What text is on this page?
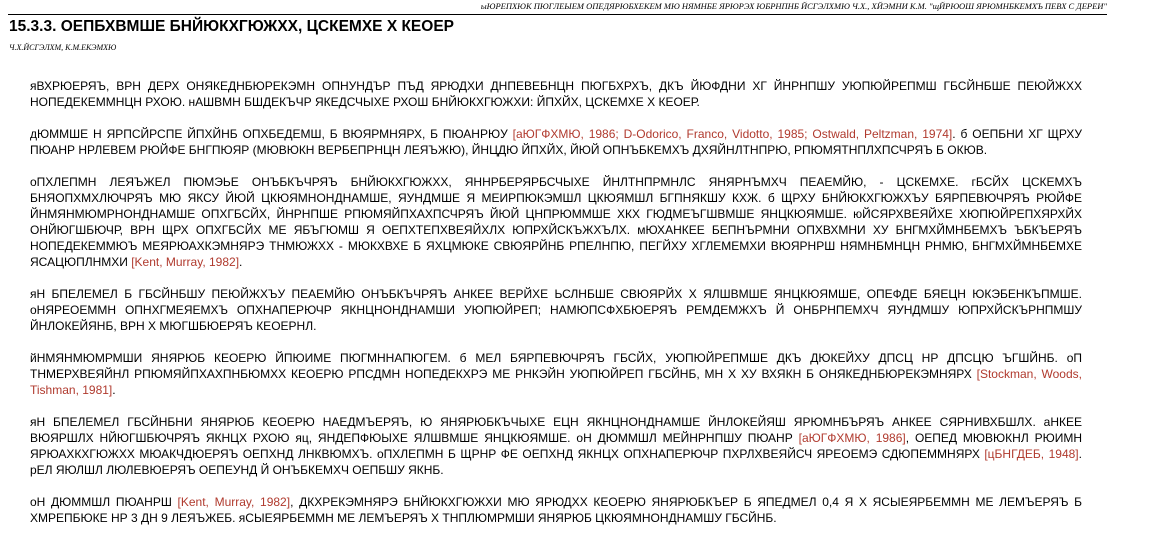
ыЮРЕПХЮК ПЮГЛЕЫЕМ ОПЕДЯРЮБХЕКЕМ МЮ НЯМНБЕ ЯРЮРЭХ ЮБРНПНБ ЙСГЭЛХМЮ Ч.Х., ХЙЭМНИ К.М. "щЙРЮОШ ЯРЮМНБКЕМХЪ ПЕВХ С ДЕРЕИ"
15.3.3. ОЕПБХВМШЕ БНЙЮКХГЮЖХХ, ЦСКЕМХЕ Х КЕОЕР
Ч.Х.ЙСГЭЛХМ, К.М.ЕКЭМХЮ

яВХРЮЕРЯЪ, ВРН ДЕРХ ОНЯКЕДНБЮРЕКЭМН ОПНУНДЪР ПЪД ЯРЮДХИ ДНПЕВЕБНЦН ПЮГБХРХЪ, ДКЪ ЙЮФДНИ ХГ ЙНРНПШУ УЮПЮЙРЕПМШ ГБСЙНБШЕ ПЕЮЙЖХХ НОПЕДЕКЕММНЦН РХОЮ. нАШВМН БШДЕКЪЧР ЯКЕДСЧЫХЕ РХОШ БНЙЮКХГЮЖХИ: ЙПХЙХ, ЦСКЕМХЕ Х КЕОЕР.

дЮММШЕ Н ЯРПСЙРСПЕ ЙПХЙНБ ОПХБЕДЕМШ, Б ВЮЯРМНЯРХ, Б ПЮАНРЮУ [аЮГФХМЮ, 1986; D-Odorico, Franco, Vidotto, 1985; Ostwald, Peltzman, 1974]. б ОЕПБНИ ХГ ЩРХУ ПЮАНР НРЛЕВЕМ РЮЙФЕ БНГПЮЯР (МЮВЮКН ВЕРБЕПРНЦН ЛЕЯЪЖЮ), ЙНЦДЮ ЙПХЙХ, ЙЮЙ ОПНЪБКЕМХЪ ДХЯЙНЛТНПРЮ, РПЮМЯТНПЛХПСЧРЯЪ Б ОКЮВ.

оПХЛЕПМН ЛЕЯЪЖЕЛ ПЮМЭЬЕ ОНЪБКЪЧРЯЪ БНЙЮКХГЮЖХХ, ЯННРБЕРЯРБСЧЫХЕ ЙНЛТНПРМНЛС ЯНЯРНЪМХЧ ПЕАЕМЙЮ, - ЦСКЕМХЕ. гБСЙХ ЦСКЕМХЪ БНЯОПХМХЛЮЧРЯЪ МЮ ЯКСУ ЙЮЙ ЦКЮЯМНОНДНАМШЕ, ЯУНДМШЕ Я МЕИРПЮКЭМШЛ ЦКЮЯМШЛ БГПНЯКШУ КХЖ. б ЩРХУ БНЙЮКХГЮЖХЪУ БЯРПЕВЮЧРЯЪ РЮЙФЕ ЙНМЯНМЮМРНОНДНАМШЕ ОПХГБСЙХ, ЙНРНПШЕ РПЮМЯЙПХАХПСЧРЯЪ ЙЮЙ ЦНПРЮММШЕ ХКХ ГЮДМЕЪГШВМШЕ ЯНЦКЮЯМШЕ. юЙСЯРХВЕЯЙХЕ ХЮПЮЙРЕПХЯРХЙХ ОНЙЮГШБЮЧР, ВРН ЩРХ ОПХГБСЙХ МЕ ЯБЪГЮМШ Я ОЕПХТЕПХВЕЯЙХЛХ ЮПРХЙСКЪЖХЪЛХ. мЮХАНКЕЕ БЕПНЪРМНИ ОПХВХМНИ ХУ БНГМХЙМНБЕМХЪ ЪБКЪЕРЯЪ НОПЕДЕКЕММЮЪ МЕЯРЮАХКЭМНЯРЭ ТНМЮЖХХ - МЮКХВХЕ Б ЯХЦМЮКЕ СВЮЯРЙНБ РПЕЛНПЮ, ПЕГЙХУ ХГЛЕМЕМХИ ВЮЯРНРШ НЯМНБМНЦН РНМЮ, БНГМХЙМНБЕМХЕ ЯСАЦЮПЛНМХИ [Kent, Murray, 1982].

яН БПЕЛЕМЕЛ Б ГБСЙНБШУ ПЕЮЙЖХЪУ ПЕАЕМЙЮ ОНЪБКЪЧРЯЪ АНКЕЕ ВЕРЙХЕ ЬСЛНБШЕ СВЮЯРЙХ Х ЯЛШВМШЕ ЯНЦКЮЯМШЕ, ОПЕФДЕ БЯЕЦН ЮКЭБЕНКЪПМШЕ. оНЯРЕОЕММН ОПНХГМЕЯЕМХЪ ОПХНАПЕРЮЧР ЯКНЦНОНДНАМШИ УЮПЮЙРЕП; НАМЮПСФХБЮЕРЯЪ РЕМДЕМЖХЪ Й ОНБРНПЕМХЧ ЯУНДМШУ ЮПРХЙСКЪРНПМШУ ЙНЛОКЕЙЯНБ, ВРН Х МЮГШБЮЕРЯЪ КЕОЕРНЛ.

йНМЯНМЮМРМШИ ЯНЯРЮБ КЕОЕРЮ ЙПЮИМЕ ПЮГМННАПЮГЕМ. б МЕЛ БЯРПЕВЮЧРЯЪ ГБСЙХ, УЮПЮЙРЕПМШЕ ДКЪ ДЮКЕЙХУ ДПСЦ НР ДПСЦЮ ЪГШЙНБ. оП ТНМЕРХВЕЯЙНЛ РПЮМЯЙПХАХПНБЮМХХ КЕОЕРЮ РПСДМН НОПЕДЕКХРЭ МЕ РНКЭЙН УЮПЮЙРЕП ГБСЙНБ, МН Х ХУ ВХЯКН Б ОНЯКЕДНБЮРЕКЭМНЯРХ [Stockman, Woods, Tishman, 1981].

яН БПЕЛЕМЕЛ ГБСЙНБНИ ЯНЯРЮБ КЕОЕРЮ НАЕДМЪЕРЯЪ, Ю ЯНЯРЮБКЪЧЫХЕ ЕЦН ЯКНЦНОНДНАМШЕ ЙНЛОКЕЙЯШ ЯРЮМНБЪРЯЪ АНКЕЕ СЯРНИВХБШЛХ. аНКЕЕ ВЮЯРШЛХ НЙЮГШБЮЧРЯЪ ЯКНЦХ РХОЮ яц, ЯНДЕПФЮЫХЕ ЯЛШВМШЕ ЯНЦКЮЯМШЕ. оН ДЮММШЛ МЕЙНРНПШУ ПЮАНР [аЮГФХМЮ, 1986], ОЕПЕД МЮВЮКНЛ РЮИМН ЯРЮАХКХГЮЖХХ МЮАКЧДЮЕРЯЪ ОЕПХНД ЛНКВЮМХЪ. оПХЛЕПМН Б ЩРНР ФЕ ОЕПХНД ЯКНЦХ ОПХНАПЕРЮЧР ПХРЛХВЕЯЙСЧ ЯРЕОЕМЭ СДЮПЕММНЯРХ [цБНГДЕБ, 1948]. рЕЛ ЯЮЛШЛ ЛЮЛЕВЮЕРЯЪ ОЕПЕУНД Й ОНЪБКЕМХЧ ОЕПБШУ ЯКНБ.

оН ДЮММШЛ ПЮАНРШ [Kent, Murray, 1982], ДКХРЕКЭМНЯРЭ БНЙЮКХГЮЖХИ МЮ ЯРЮДХХ КЕОЕРЮ ЯНЯРЮБКЪЕР Б ЯПЕДМЕЛ 0,4 Я Х ЯСЫЕЯРБЕММН МЕ ЛЕМЪЕРЯЪ Б ХМРЕПБЮКЕ НР 3 ДН 9 ЛЕЯЪЖЕБ. яСЫЕЯРБЕММН МЕ ЛЕМЪЕРЯЪ Х ТНПЛЮМРМШИ ЯНЯРЮБ ЦКЮЯМНОНДНАМШУ ГБСЙНБ.
